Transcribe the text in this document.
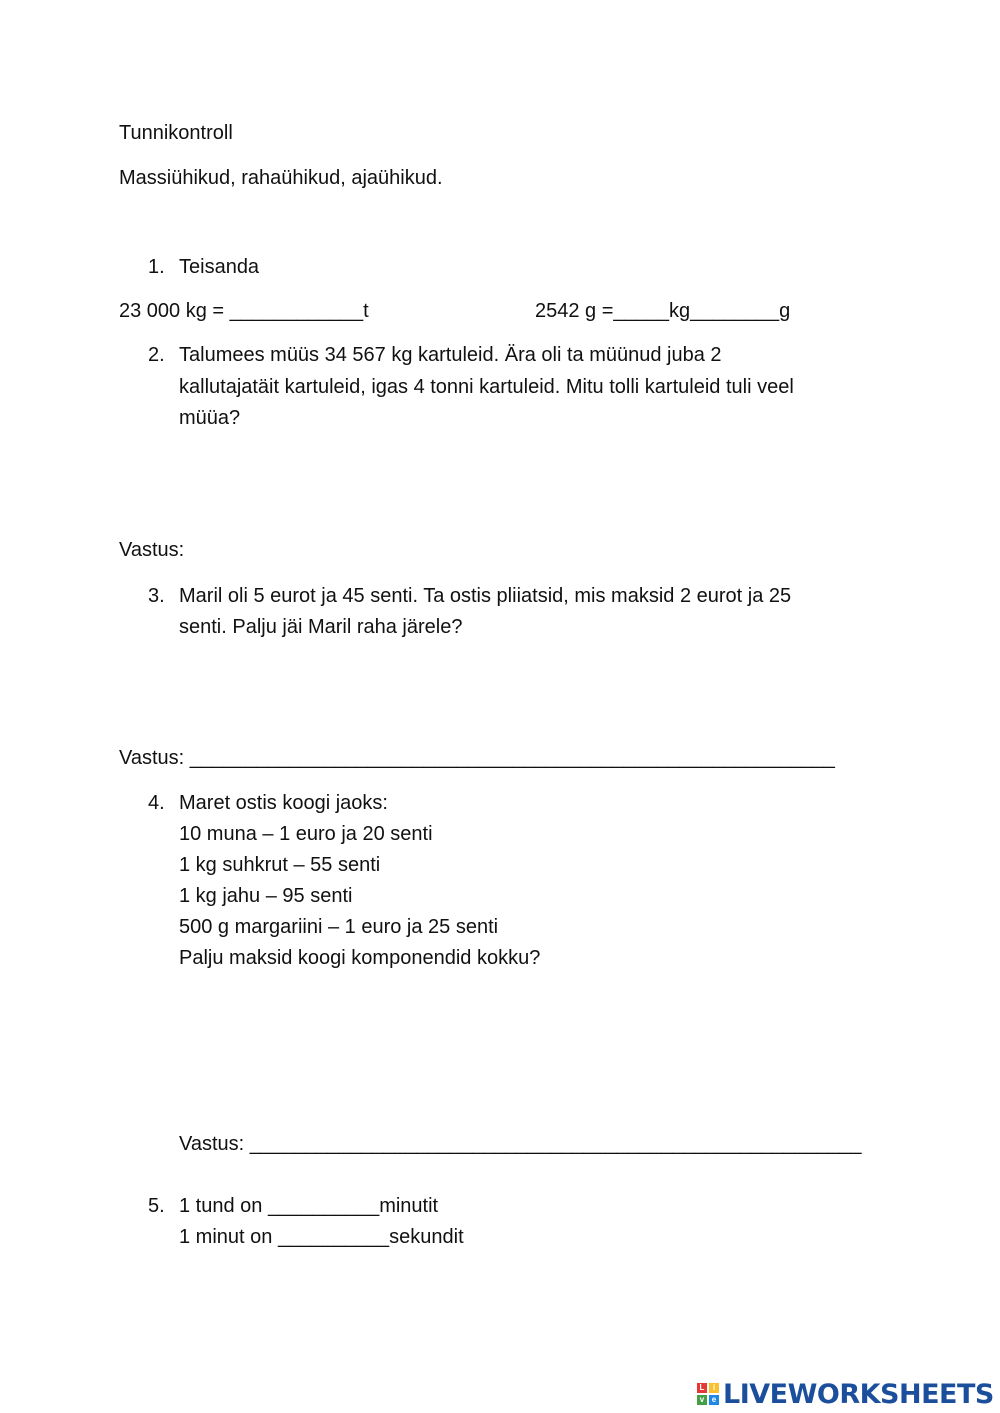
Tunnikontroll
Massiühikud, rahaühikud, ajaühikud.
1. Teisanda
23 000 kg = ____________t	2542 g =_____kg________g
2. Talumees müüs 34 567 kg kartuleid. Ära oli ta müünud juba 2
kallutajatäit kartuleid, igas 4 tonni kartuleid. Mitu tolli kartuleid tuli veel
müüa?
Vastus:
3. Maril oli 5 eurot ja 45 senti. Ta ostis pliiatsid, mis maksid 2 eurot ja 25
senti. Palju jäi Maril raha järele?
Vastus: __________________________________________________________
4. Maret ostis koogi jaoks:
10 muna – 1 euro ja 20 senti
1 kg suhkrut – 55 senti
1 kg jahu – 95 senti
500 g margariini – 1 euro ja 25 senti
Palju maksid koogi komponendid kokku?
Vastus: _______________________________________________________
5. 1 tund on __________minutit
1 minut on __________sekundit
L	i
v e LIVEWORKSHEETS
